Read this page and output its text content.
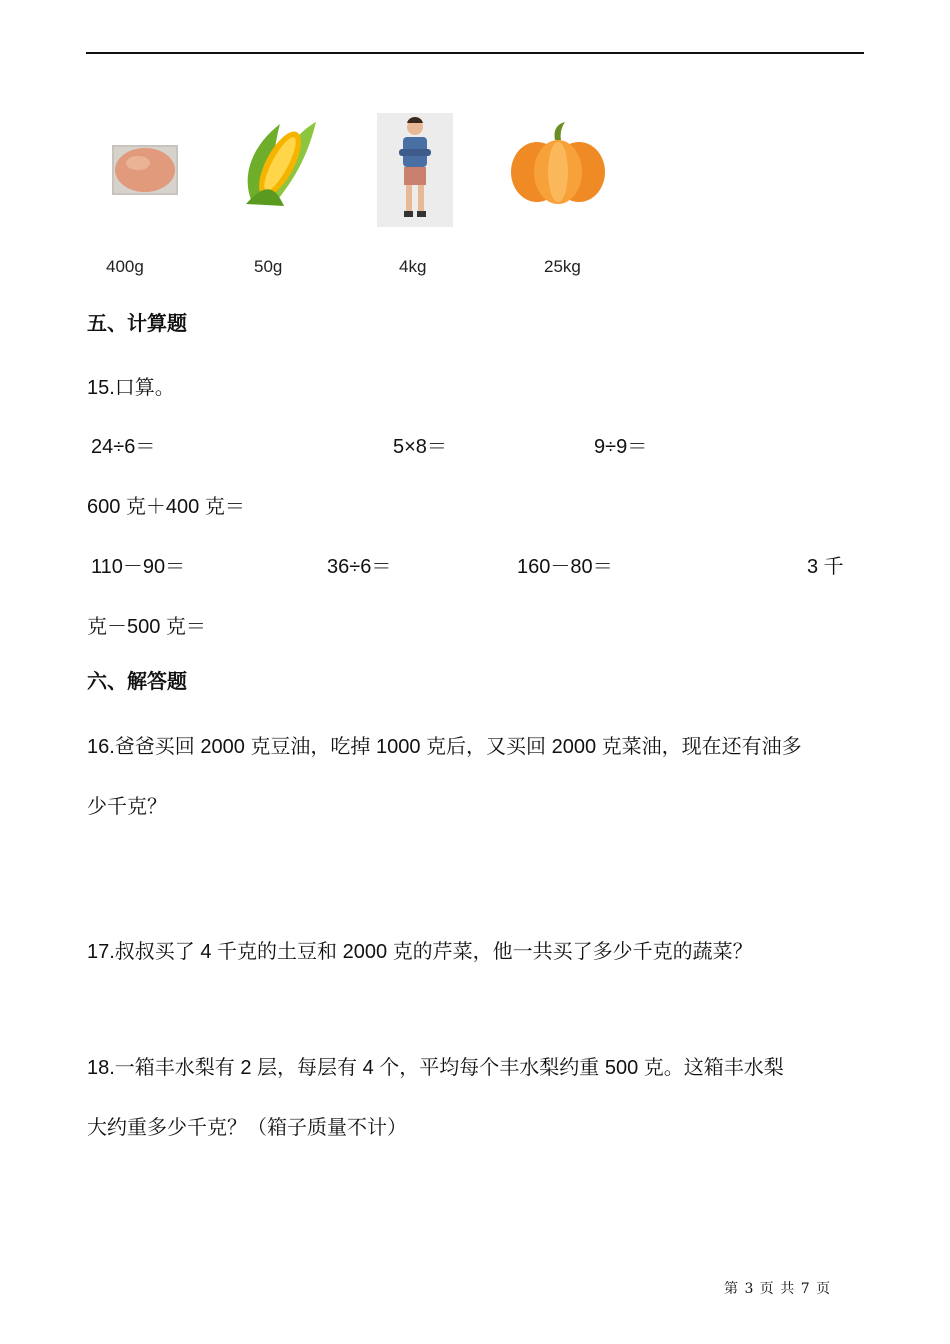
400g	50g	4kg	25kg
五、计算题
15.口算。
24÷6＝	5×8＝	9÷9＝
600 克＋400 克＝
110－90＝	36÷6＝	160－80＝	3 千
克－500 克＝
六、解答题
16.爸爸买回 2000 克豆油，吃掉 1000 克后，又买回 2000 克菜油，现在还有油多
少千克？
17.叔叔买了 4 千克的土豆和 2000 克的芹菜，他一共买了多少千克的蔬菜？
18.一箱丰水梨有 2 层，每层有 4 个，平均每个丰水梨约重 500 克。这箱丰水梨
大约重多少千克？（箱子质量不计）
第 3 页 共 7 页
